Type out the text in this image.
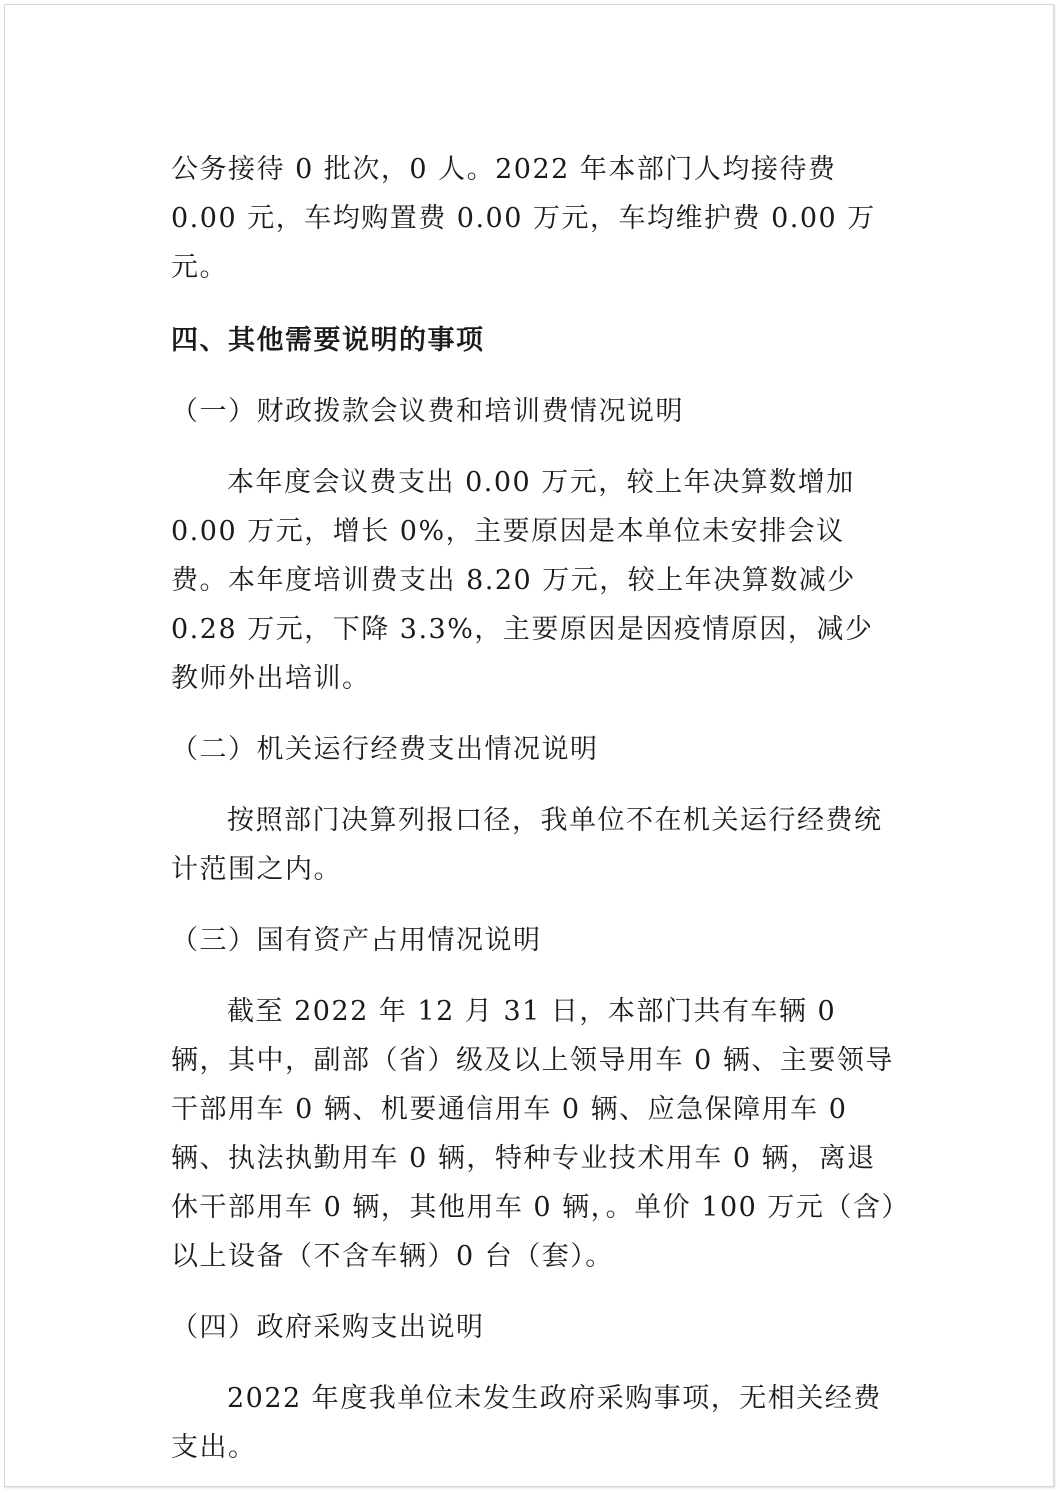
公务接待 0 批次，0 人。2022 年本部门人均接待费 0.00 元，车均购置费 0.00 万元，车均维护费 0.00 万元。

四、其他需要说明的事项

（一）财政拨款会议费和培训费情况说明

本年度会议费支出 0.00 万元，较上年决算数增加 0.00 万元，增长 0%，主要原因是本单位未安排会议费。本年度培训费支出 8.20 万元，较上年决算数减少 0.28 万元，下降 3.3%，主要原因是因疫情原因，减少教师外出培训。

（二）机关运行经费支出情况说明

按照部门决算列报口径，我单位不在机关运行经费统计范围之内。

（三）国有资产占用情况说明

截至 2022 年 12 月 31 日，本部门共有车辆 0 辆，其中，副部（省）级及以上领导用车 0 辆、主要领导干部用车 0 辆、机要通信用车 0 辆、应急保障用车 0 辆、执法执勤用车 0 辆，特种专业技术用车 0 辆，离退休干部用车 0 辆，其他用车 0 辆，。单价 100 万元（含）以上设备（不含车辆）0 台（套）。

（四）政府采购支出说明

2022 年度我单位未发生政府采购事项，无相关经费支出。
